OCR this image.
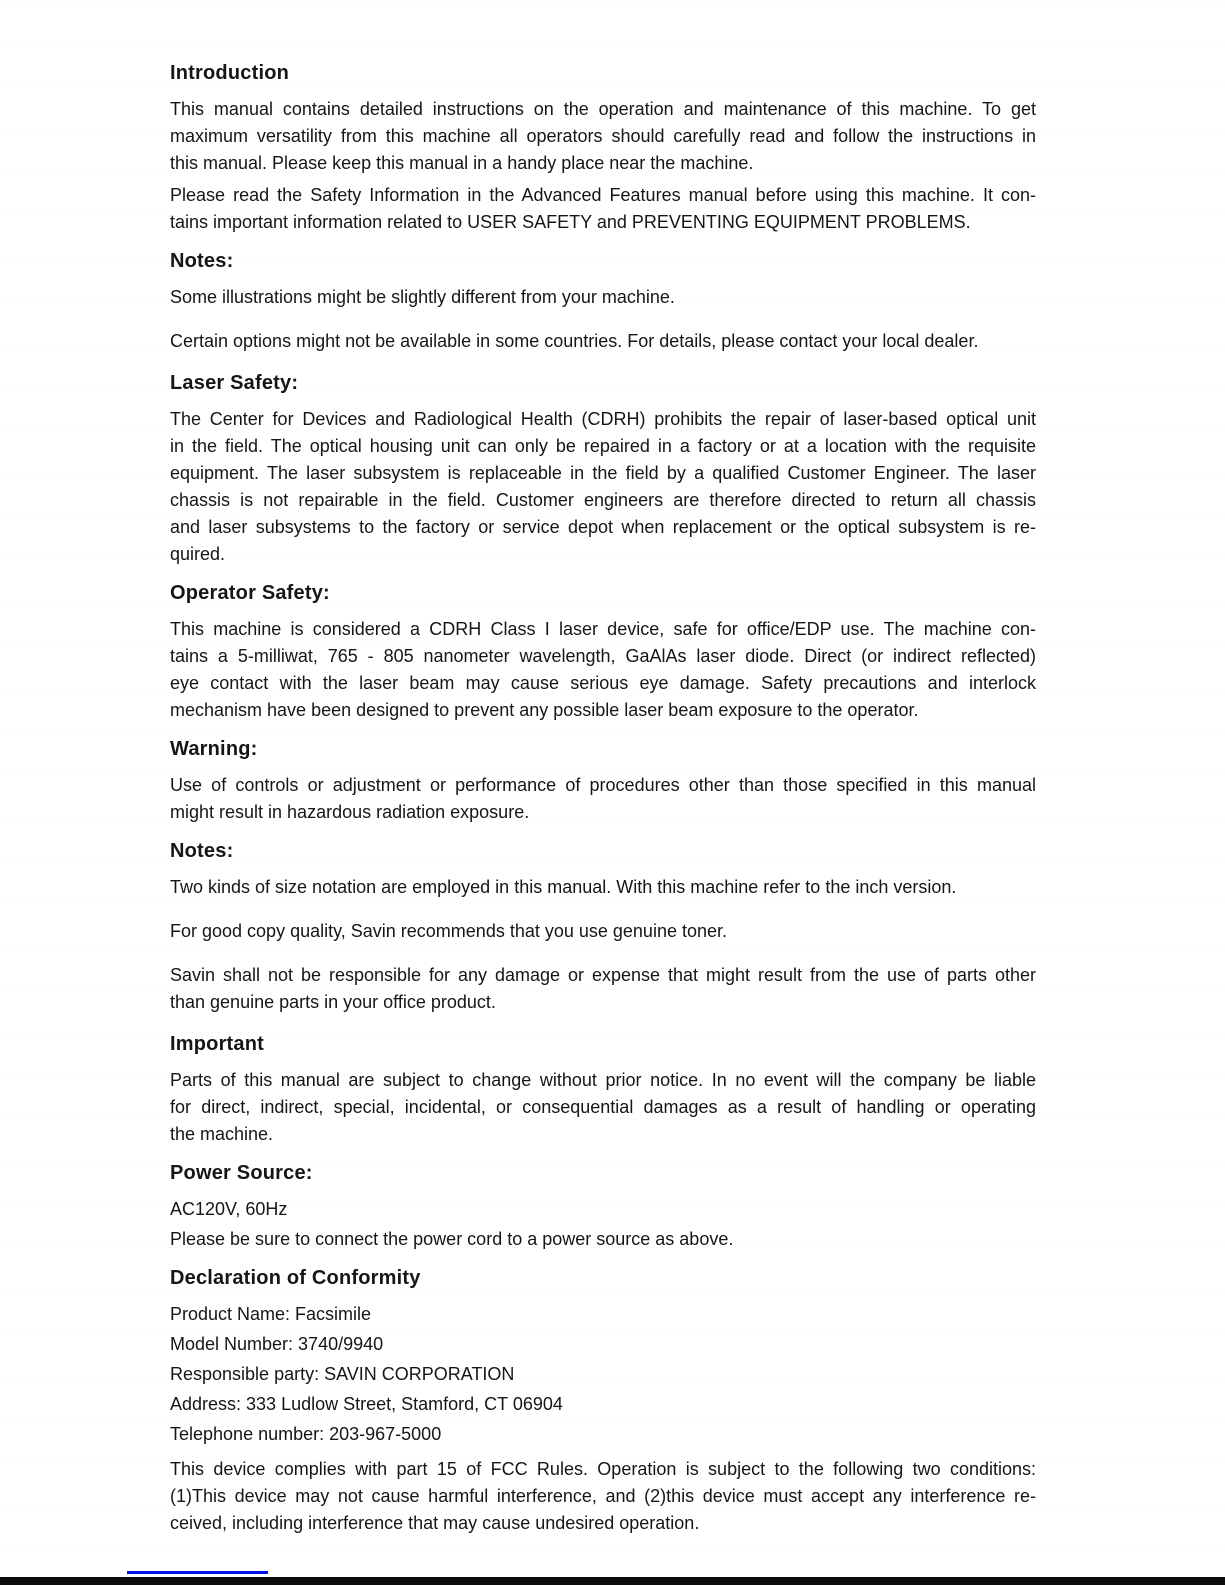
Introduction
This manual contains detailed instructions on the operation and maintenance of this machine. To get
maximum versatility from this machine all operators should carefully read and follow the instructions in
this manual. Please keep this manual in a handy place near the machine.
Please read the Safety Information in the Advanced Features manual before using this machine. It con-
tains important information related to USER SAFETY and PREVENTING EQUIPMENT PROBLEMS.
Notes:
Some illustrations might be slightly different from your machine.
Certain options might not be available in some countries. For details, please contact your local dealer.
Laser Safety:
The Center for Devices and Radiological Health (CDRH) prohibits the repair of laser-based optical unit
in the field. The optical housing unit can only be repaired in a factory or at a location with the requisite
equipment. The laser subsystem is replaceable in the field by a qualified Customer Engineer. The laser
chassis is not repairable in the field. Customer engineers are therefore directed to return all chassis
and laser subsystems to the factory or service depot when replacement or the optical subsystem is re-
quired.
Operator Safety:
This machine is considered a CDRH Class I laser device, safe for office/EDP use. The machine con-
tains a 5-milliwat, 765 - 805 nanometer wavelength, GaAlAs laser diode. Direct (or indirect reflected)
eye contact with the laser beam may cause serious eye damage. Safety precautions and interlock
mechanism have been designed to prevent any possible laser beam exposure to the operator.
Warning:
Use of controls or adjustment or performance of procedures other than those specified in this manual
might result in hazardous radiation exposure.
Notes:
Two kinds of size notation are employed in this manual. With this machine refer to the inch version.
For good copy quality, Savin recommends that you use genuine toner.
Savin shall not be responsible for any damage or expense that might result from the use of parts other
than genuine parts in your office product.
Important
Parts of this manual are subject to change without prior notice. In no event will the company be liable
for direct, indirect, special, incidental, or consequential damages as a result of handling or operating
the machine.
Power Source:
AC120V, 60Hz
Please be sure to connect the power cord to a power source as above.
Declaration of Conformity
Product Name: Facsimile
Model Number: 3740/9940
Responsible party: SAVIN CORPORATION
Address: 333 Ludlow Street, Stamford, CT 06904
Telephone number: 203-967-5000
This device complies with part 15 of FCC Rules. Operation is subject to the following two conditions:
(1)This device may not cause harmful interference, and (2)this device must accept any interference re-
ceived, including interference that may cause undesired operation.
